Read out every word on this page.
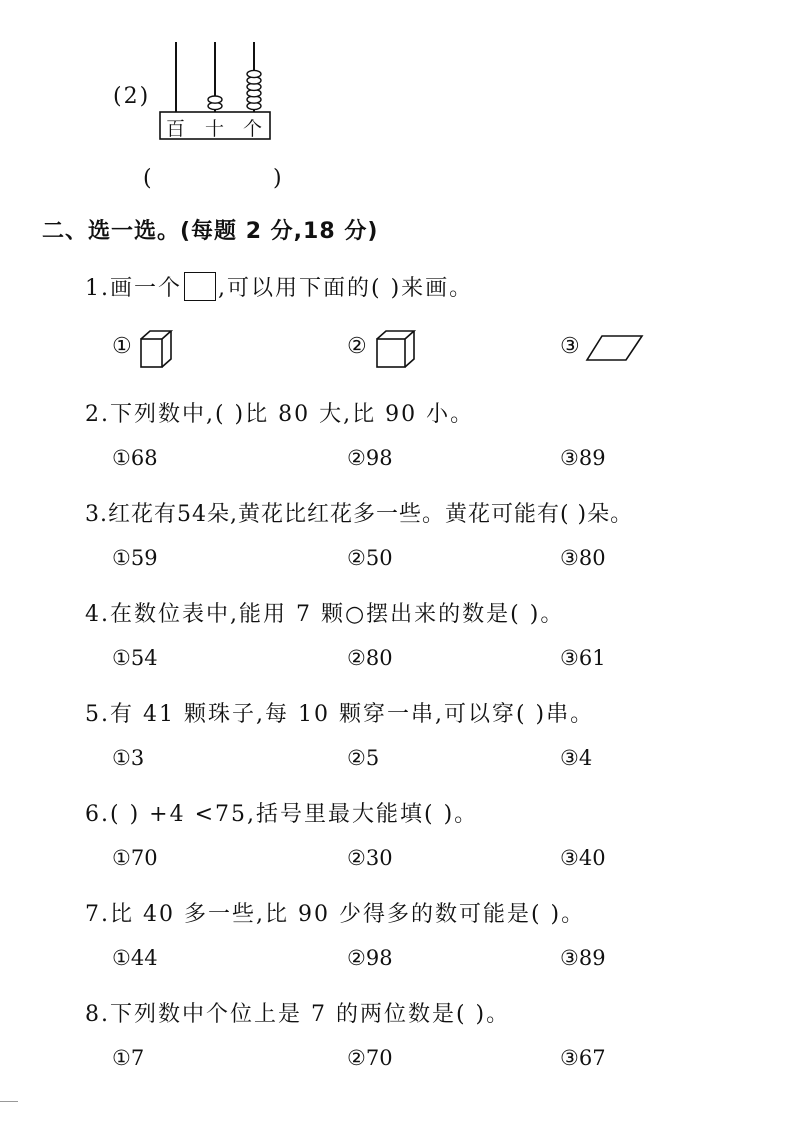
(2)
百 十 个
(	)
二、选一选。(每题 2 分,18 分)
1.画一个 ,可以用下面的( )来画。
①	②	③
2.下列数中,( )比 80 大,比 90 小。
①68	②98	③89
3.红花有54朵,黄花比红花多一些。黄花可能有( )朵。
①59	②50	③80
4.在数位表中,能用 7 颗○摆出来的数是( )。
①54	②80	③61
5.有 41 颗珠子,每 10 颗穿一串,可以穿( )串。
①3	②5	③4
6.( ) +4 <75,括号里最大能填( )。
①70	②30	③40
7.比 40 多一些,比 90 少得多的数可能是( )。
①44	②98	③89
8.下列数中个位上是 7 的两位数是( )。
①7	②70	③67
